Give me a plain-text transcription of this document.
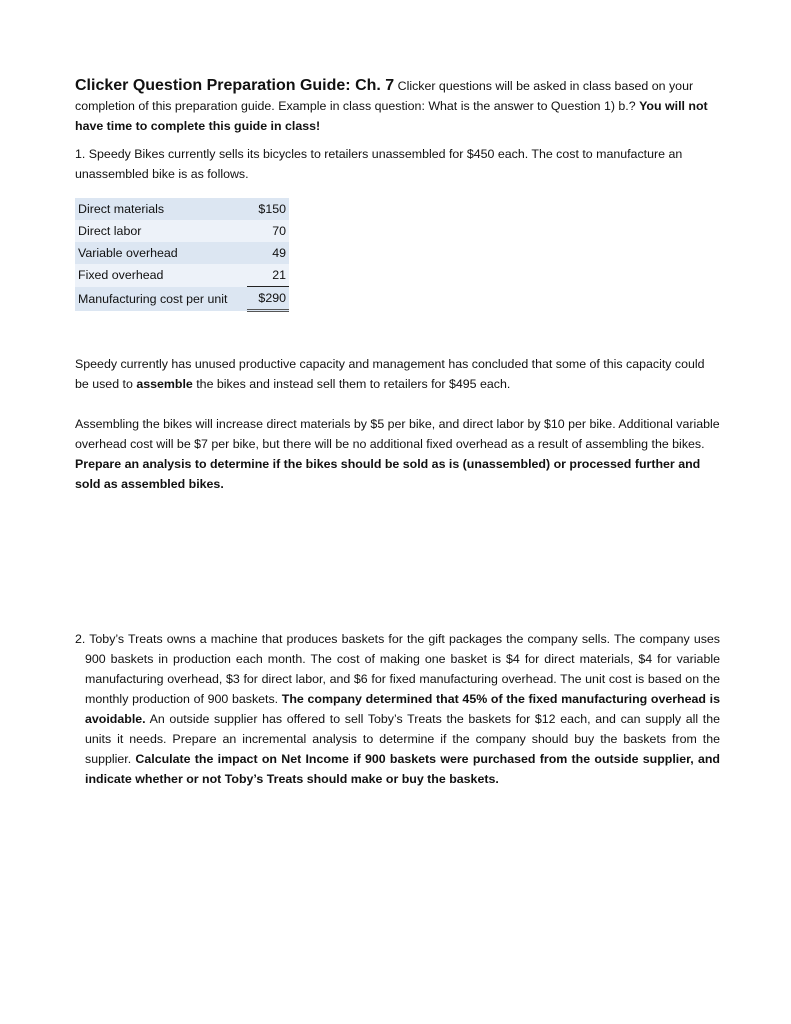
Clicker Question Preparation Guide: Ch. 7 Clicker questions will be asked in class based on your completion of this preparation guide. Example in class question: What is the answer to Question 1) b.? You will not have time to complete this guide in class!

1. Speedy Bikes currently sells its bicycles to retailers unassembled for $450 each. The cost to manufacture an unassembled bike is as follows.

Direct materials	$150
Direct labor	70
Variable overhead	49
Fixed overhead	21
Manufacturing cost per unit	$290

Speedy currently has unused productive capacity and management has concluded that some of this capacity could be used to assemble the bikes and instead sell them to retailers for $495 each.

Assembling the bikes will increase direct materials by $5 per bike, and direct labor by $10 per bike. Additional variable overhead cost will be $7 per bike, but there will be no additional fixed overhead as a result of assembling the bikes. Prepare an analysis to determine if the bikes should be sold as is (unassembled) or processed further and sold as assembled bikes.

2. Toby’s Treats owns a machine that produces baskets for the gift packages the company sells. The company uses 900 baskets in production each month. The cost of making one basket is $4 for direct materials, $4 for variable manufacturing overhead, $3 for direct labor, and $6 for fixed manufacturing overhead. The unit cost is based on the monthly production of 900 baskets. The company determined that 45% of the fixed manufacturing overhead is avoidable. An outside supplier has offered to sell Toby’s Treats the baskets for $12 each, and can supply all the units it needs. Prepare an incremental analysis to determine if the company should buy the baskets from the supplier. Calculate the impact on Net Income if 900 baskets were purchased from the outside supplier, and indicate whether or not Toby’s Treats should make or buy the baskets.
